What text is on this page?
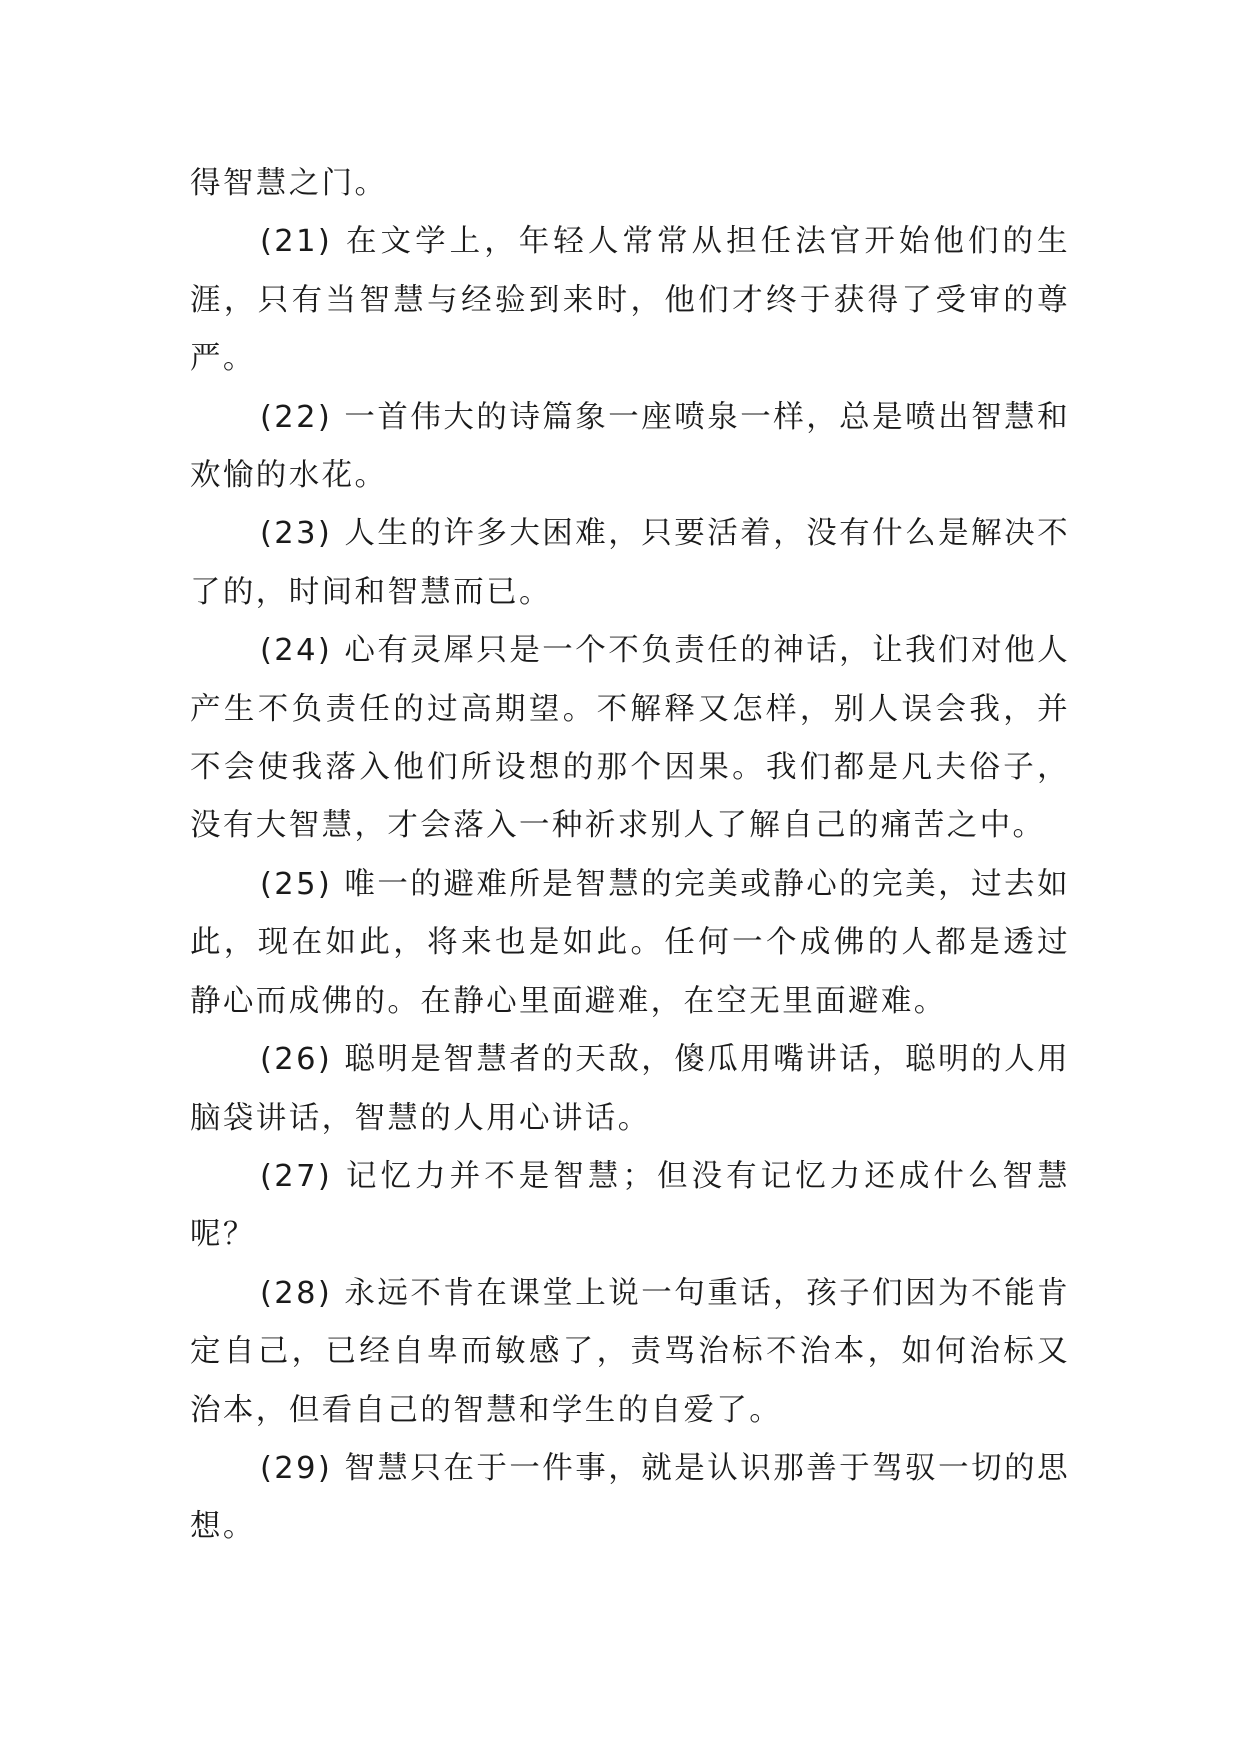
得智慧之门。

(21) 在文学上，年轻人常常从担任法官开始他们的生涯，只有当智慧与经验到来时，他们才终于获得了受审的尊严。

(22) 一首伟大的诗篇象一座喷泉一样，总是喷出智慧和欢愉的水花。

(23) 人生的许多大困难，只要活着，没有什么是解决不了的，时间和智慧而已。

(24) 心有灵犀只是一个不负责任的神话，让我们对他人产生不负责任的过高期望。不解释又怎样，别人误会我，并不会使我落入他们所设想的那个因果。我们都是凡夫俗子，没有大智慧，才会落入一种祈求别人了解自己的痛苦之中。

(25) 唯一的避难所是智慧的完美或静心的完美，过去如此，现在如此，将来也是如此。任何一个成佛的人都是透过静心而成佛的。在静心里面避难，在空无里面避难。

(26) 聪明是智慧者的天敌，傻瓜用嘴讲话，聪明的人用脑袋讲话，智慧的人用心讲话。

(27) 记忆力并不是智慧；但没有记忆力还成什么智慧呢？

(28) 永远不肯在课堂上说一句重话，孩子们因为不能肯定自己，已经自卑而敏感了，责骂治标不治本，如何治标又治本，但看自己的智慧和学生的自爱了。

(29) 智慧只在于一件事，就是认识那善于驾驭一切的思想。
